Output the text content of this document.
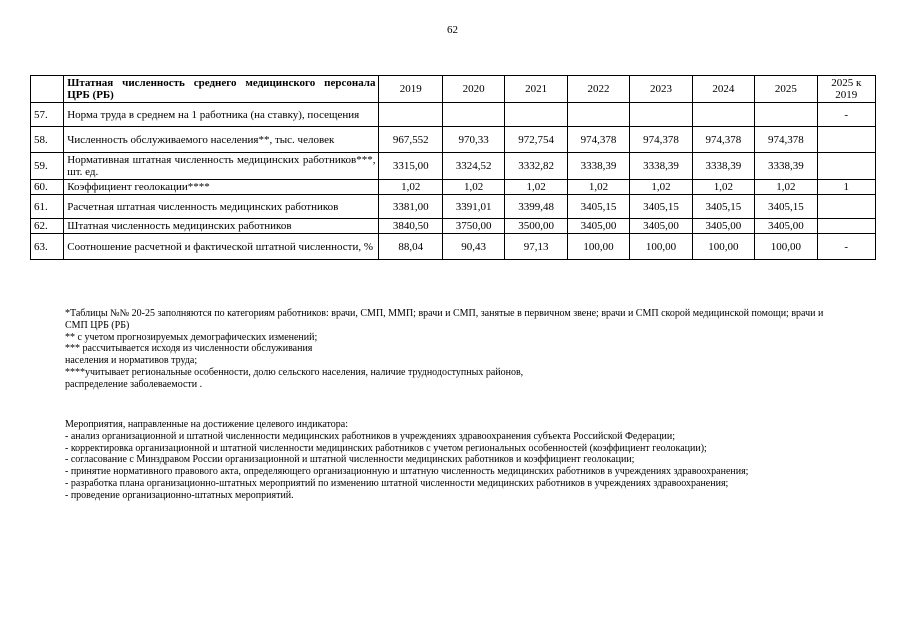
62
	Штатная численность среднего медицинского персонала ЦРБ (РБ)	2019	2020	2021	2022	2023	2024	2025	2025 к 2019
57.	Норма труда в среднем на 1 работника (на ставку), посещения								-
58.	Численность обслуживаемого населения**, тыс. человек	967,552	970,33	972,754	974,378	974,378	974,378	974,378	
59.	Нормативная штатная численность медицинских работников***, шт. ед.	3315,00	3324,52	3332,82	3338,39	3338,39	3338,39	3338,39	
60.	Коэффициент геолокации****	1,02	1,02	1,02	1,02	1,02	1,02	1,02	1
61.	Расчетная штатная численность медицинских работников	3381,00	3391,01	3399,48	3405,15	3405,15	3405,15	3405,15	
62.	Штатная численность медицинских работников	3840,50	3750,00	3500,00	3405,00	3405,00	3405,00	3405,00	
63.	Соотношение расчетной и фактической штатной численности, %	88,04	90,43	97,13	100,00	100,00	100,00	100,00	-

*Таблицы №№ 20-25 заполняются по категориям работников: врачи, СМП, ММП; врачи и СМП, занятые в первичном звене; врачи и СМП скорой медицинской помощи; врачи и СМП ЦРБ (РБ)

** с учетом прогнозируемых демографических изменений;

*** рассчитывается исходя из численности обслуживания

населения и нормативов труда;

****учитывает региональные особенности, долю сельского населения, наличие труднодоступных районов,

распределение заболеваемости .

Мероприятия, направленные на достижение целевого индикатора:

- анализ организационной и штатной численности медицинских работников в учреждениях здравоохранения субъекта Российской Федерации;

- корректировка организационной и штатной численности медицинских работников с учетом региональных особенностей (коэффициент геолокации);

- согласование с Минздравом России организационной и штатной численности медицинских работников и коэффициент геолокации;

- принятие нормативного правового акта, определяющего организационную и штатную численность медицинских работников в учреждениях здравоохранения;

- разработка плана организационно-штатных мероприятий по изменению штатной численности медицинских работников в учреждениях здравоохранения;

- проведение организационно-штатных мероприятий.
